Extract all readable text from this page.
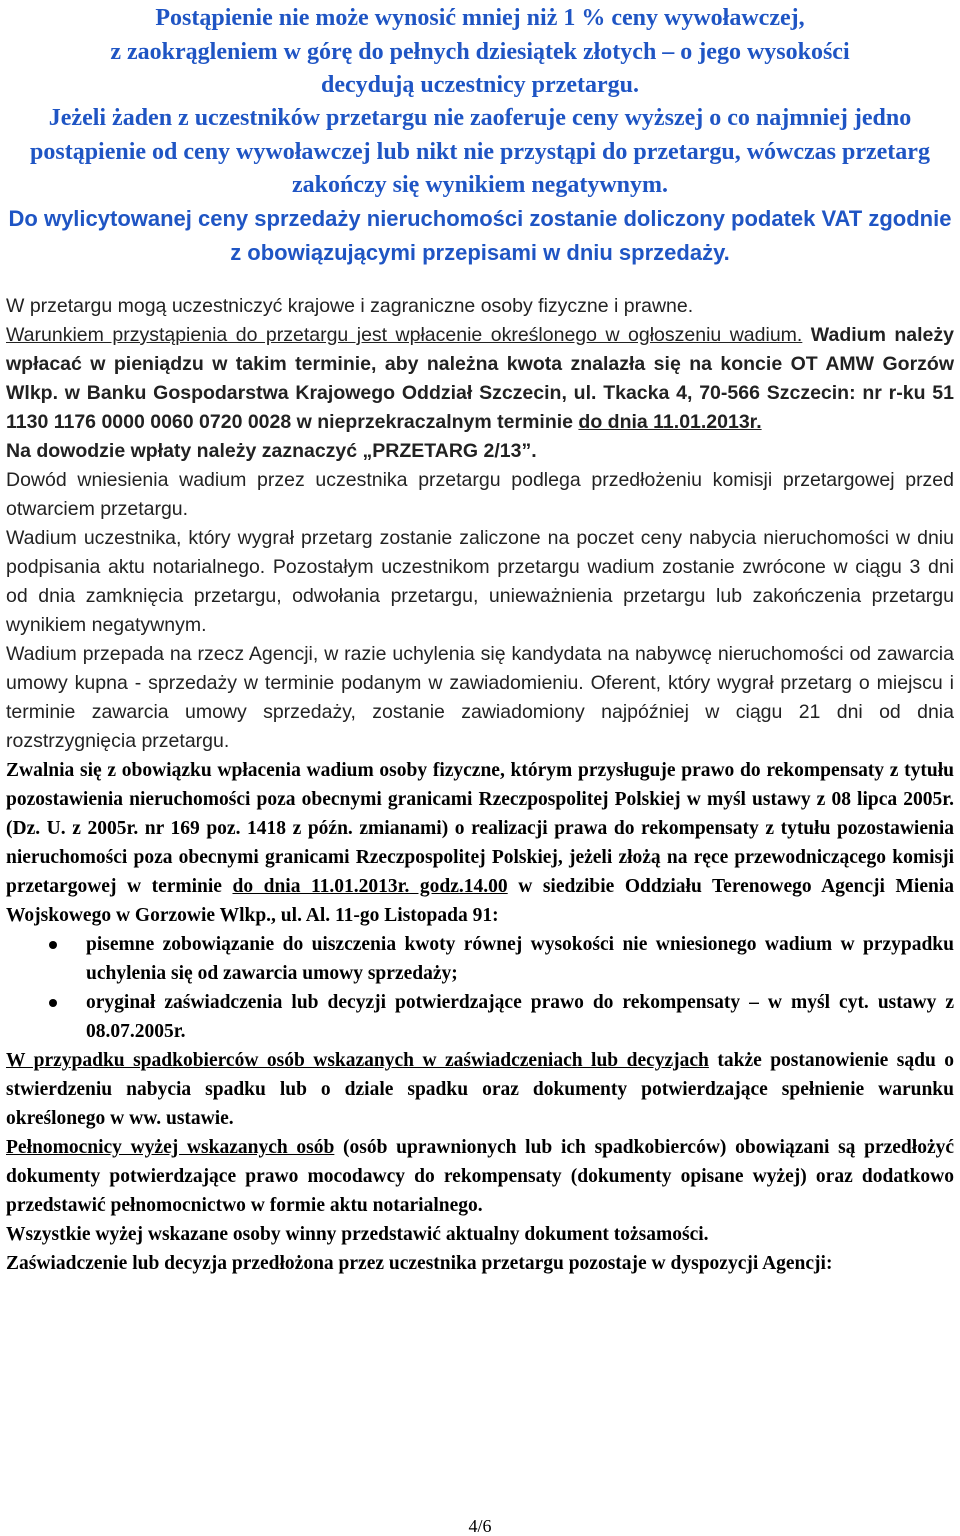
Postąpienie nie może wynosić mniej niż 1 % ceny wywoławczej,
z zaokrągleniem w górę do pełnych dziesiątek złotych – o jego wysokości
decydują uczestnicy przetargu.
Jeżeli żaden z uczestników przetargu nie zaoferuje ceny wyższej o co najmniej jedno postąpienie od ceny wywoławczej lub nikt nie przystąpi do przetargu, wówczas przetarg zakończy się wynikiem negatywnym.
Do wylicytowanej ceny sprzedaży nieruchomości zostanie doliczony podatek VAT zgodnie z obowiązującymi przepisami w dniu sprzedaży.

W przetargu mogą uczestniczyć krajowe i zagraniczne osoby fizyczne i prawne.

Warunkiem przystąpienia do przetargu jest wpłacenie określonego w ogłoszeniu wadium. Wadium należy wpłacać w pieniądzu w takim terminie, aby należna kwota znalazła się na koncie OT AMW Gorzów Wlkp. w Banku Gospodarstwa Krajowego Oddział Szczecin, ul. Tkacka 4, 70-566 Szczecin: nr r-ku 51 1130 1176 0000 0060 0720 0028 w nieprzekraczalnym terminie do dnia 11.01.2013r.

Na dowodzie wpłaty należy zaznaczyć „PRZETARG 2/13”.

Dowód wniesienia wadium przez uczestnika przetargu podlega przedłożeniu komisji przetargowej przed otwarciem przetargu.

Wadium uczestnika, który wygrał przetarg zostanie zaliczone na poczet ceny nabycia nieruchomości w dniu podpisania aktu notarialnego. Pozostałym uczestnikom przetargu wadium zostanie zwrócone w ciągu 3 dni od dnia zamknięcia przetargu, odwołania przetargu, unieważnienia przetargu lub zakończenia przetargu wynikiem negatywnym.

Wadium przepada na rzecz Agencji, w razie uchylenia się kandydata na nabywcę nieruchomości od zawarcia umowy kupna - sprzedaży w terminie podanym w zawiadomieniu. Oferent, który wygrał przetarg o miejscu i terminie zawarcia umowy sprzedaży, zostanie zawiadomiony najpóźniej w ciągu 21 dni od dnia rozstrzygnięcia przetargu.

Zwalnia się z obowiązku wpłacenia wadium osoby fizyczne, którym przysługuje prawo do rekompensaty z tytułu pozostawienia nieruchomości poza obecnymi granicami Rzeczpospolitej Polskiej w myśl ustawy z 08 lipca 2005r. (Dz. U. z 2005r. nr 169 poz. 1418 z późn. zmianami) o realizacji prawa do rekompensaty z tytułu pozostawienia nieruchomości poza obecnymi granicami Rzeczpospolitej Polskiej, jeżeli złożą na ręce przewodniczącego komisji przetargowej w terminie do dnia 11.01.2013r. godz.14.00 w siedzibie Oddziału Terenowego Agencji Mienia Wojskowego w Gorzowie Wlkp., ul. Al. 11-go Listopada 91:

pisemne zobowiązanie do uiszczenia kwoty równej wysokości nie wniesionego wadium w przypadku uchylenia się od zawarcia umowy sprzedaży;
oryginał zaświadczenia lub decyzji potwierdzające prawo do rekompensaty – w myśl cyt. ustawy z 08.07.2005r.

W przypadku spadkobierców osób wskazanych w zaświadczeniach lub decyzjach także postanowienie sądu o stwierdzeniu nabycia spadku lub o dziale spadku oraz dokumenty potwierdzające spełnienie warunku określonego w ww. ustawie.

Pełnomocnicy wyżej wskazanych osób (osób uprawnionych lub ich spadkobierców) obowiązani są przedłożyć dokumenty potwierdzające prawo mocodawcy do rekompensaty (dokumenty opisane wyżej) oraz dodatkowo przedstawić pełnomocnictwo w formie aktu notarialnego.

Wszystkie wyżej wskazane osoby winny przedstawić aktualny dokument tożsamości.

Zaświadczenie lub decyzja przedłożona przez uczestnika przetargu pozostaje w dyspozycji Agencji:

4/6
